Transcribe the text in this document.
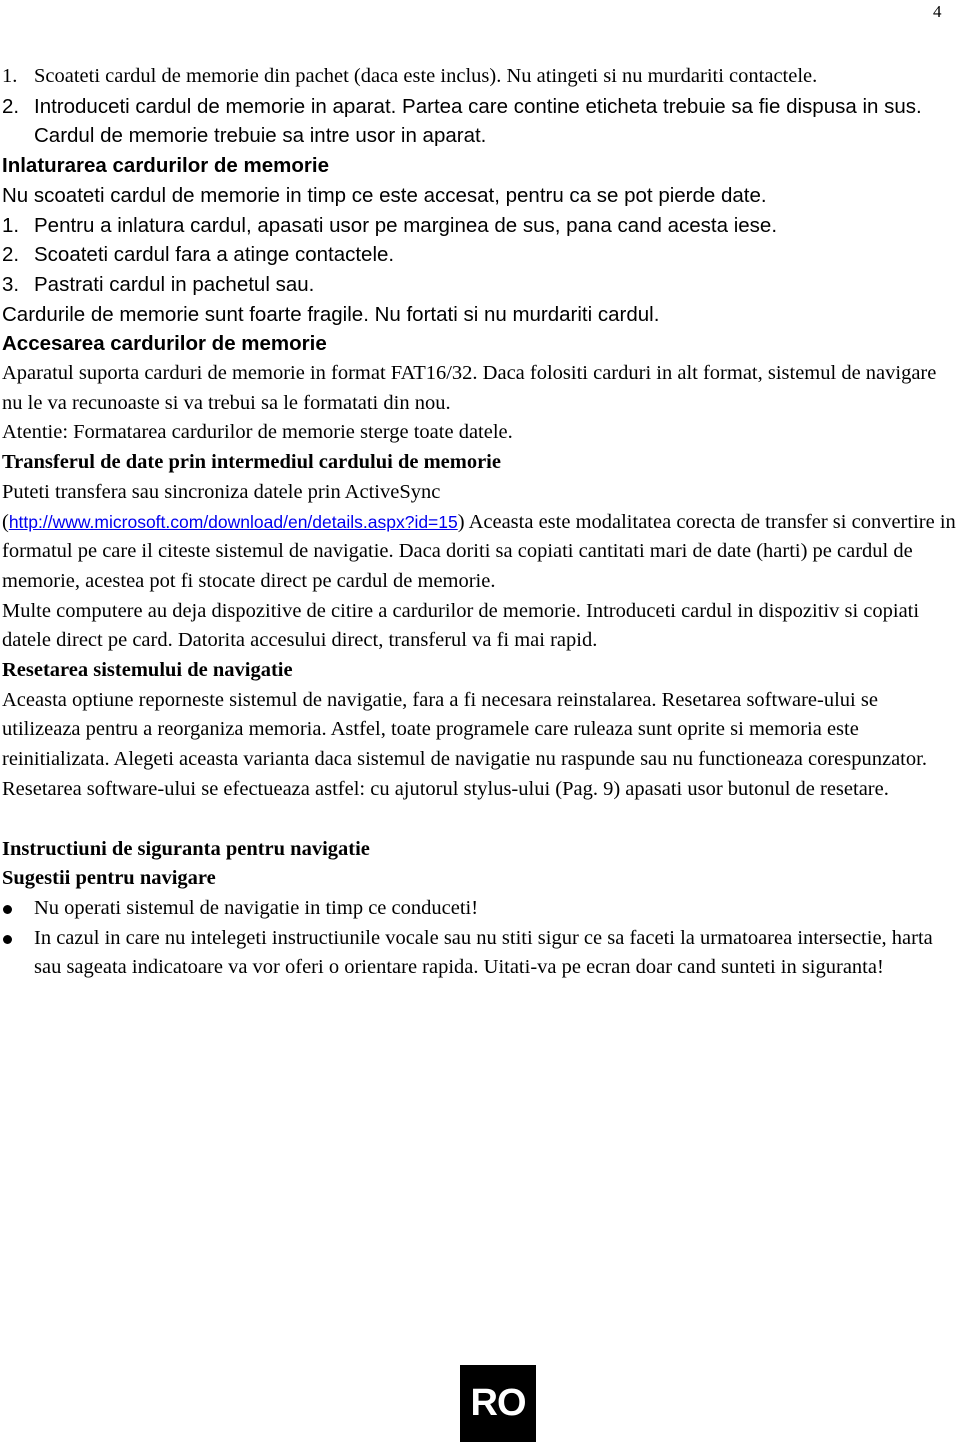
4
1. Scoateti cardul de memorie din pachet (daca este inclus). Nu atingeti si nu murdariti contactele.
2. Introduceti cardul de memorie in aparat. Partea care contine eticheta trebuie sa fie dispusa in sus. Cardul de memorie trebuie sa intre usor in aparat.

Inlaturarea cardurilor de memorie

Nu scoateti cardul de memorie in timp ce este accesat, pentru ca se pot pierde date.

1. Pentru a inlatura cardul, apasati usor pe marginea de sus, pana cand acesta iese.
2. Scoateti cardul fara a atinge contactele.
3. Pastrati cardul in pachetul sau.

Cardurile de memorie sunt foarte fragile. Nu fortati si nu murdariti cardul.

Accesarea cardurilor de memorie

Aparatul suporta carduri de memorie in format FAT16/32. Daca folositi carduri in alt format, sistemul de navigare nu le va recunoaste si va trebui sa le formatati din nou.

Atentie: Formatarea cardurilor de memorie sterge toate datele.

Transferul de date prin intermediul cardului de memorie

Puteti transfera sau sincroniza datele prin ActiveSync

(http://www.microsoft.com/download/en/details.aspx?id=15) Aceasta este modalitatea corecta de transfer si convertire in formatul pe care il citeste sistemul de navigatie. Daca doriti sa copiati cantitati mari de date (harti) pe cardul de memorie, acestea pot fi stocate direct pe cardul de memorie.

Multe computere au deja dispozitive de citire a cardurilor de memorie. Introduceti cardul in dispozitiv si copiati datele direct pe card. Datorita accesului direct, transferul va fi mai rapid.

Resetarea sistemului de navigatie

Aceasta optiune reporneste sistemul de navigatie, fara a fi necesara reinstalarea. Resetarea software-ului se utilizeaza pentru a reorganiza memoria. Astfel, toate programele care ruleaza sunt oprite si memoria este reinitializata. Alegeti aceasta varianta daca sistemul de navigatie nu raspunde sau nu functioneaza corespunzator.

Resetarea software-ului se efectueaza astfel: cu ajutorul stylus-ului (Pag. 9) apasati usor butonul de resetare.

Instructiuni de siguranta pentru navigatie

Sugestii pentru navigare

Nu operati sistemul de navigatie in timp ce conduceti!
In cazul in care nu intelegeti instructiunile vocale sau nu stiti sigur ce sa faceti la urmatoarea intersectie, harta sau sageata indicatoare va vor oferi o orientare rapida. Uitati-va pe ecran doar cand sunteti in siguranta!
RO
